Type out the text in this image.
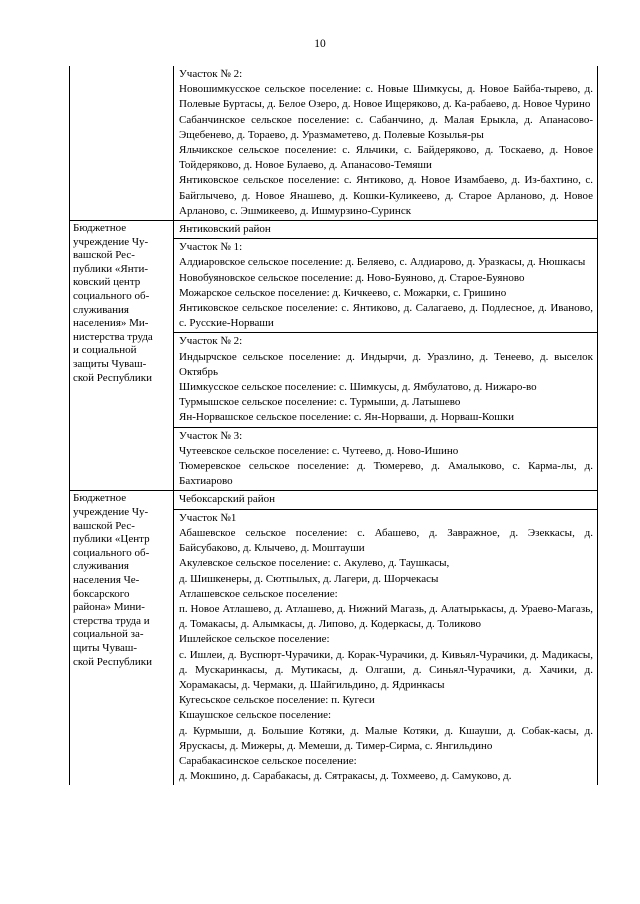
10

Участок № 2:

Новошимкусское сельское поселение: с. Новые Шимкусы, д. Новое Байба-тырево, д. Полевые Буртасы, д. Белое Озеро, д. Новое Ищеряково, д. Ка-рабаево, д. Новое Чурино

Сабанчинское сельское поселение: с. Сабанчино, д. Малая Ерыкла, д. Апанасово-Эщебенево, д. Тораево, д. Уразмаметево, д. Полевые Козылья-ры

Яльчикское сельское поселение: с. Яльчики, с. Байдеряково, д. Тоскаево, д. Новое Тойдеряково, д. Новое Булаево, д. Апанасово-Темяши

Янтиковское сельское поселение: с. Янтиково, д. Новое Изамбаево, д. Из-бахтино, с. Байглычево, д. Новое Янашево, д. Кошки-Куликеево, д. Старое Арланово, д. Новое Арланово, с. Эшмикеево, д. Ишмурзино-Суринск

Бюджетное
учреждение Чу-
вашской Рес-
публики «Янти-
ковский центр
социального об-
служивания
населения» Ми-
нистерства труда
и социальной
защиты Чуваш-
ской Республики
Янтиковский район

Участок № 1:

Алдиаровское сельское поселение: д. Беляево, с. Алдиарово, д. Уразкасы, д. Нюшкасы

Новобуяновское сельское поселение: д. Ново-Буяново, д. Старое-Буяново

Можарское сельское поселение: д. Кичкеево, с. Можарки, с. Гришино

Янтиковское сельское поселение: с. Янтиково, д. Салагаево, д. Подлесное, д. Иваново, с. Русские-Норваши

Участок № 2:

Индырчское сельское поселение: д. Индырчи, д. Уразлино, д. Тенеево, д. выселок Октябрь

Шимкусское сельское поселение: с. Шимкусы, д. Ямбулатово, д. Нижаро-во

Турмышское сельское поселение: с. Турмыши, д. Латышево

Ян-Норвашское сельское поселение: с. Ян-Норваши, д. Норваш-Кошки

Участок № 3:

Чутеевское сельское поселение: с. Чутеево, д. Ново-Ишино

Тюмеревское сельское поселение: д. Тюмерево, д. Амалыково, с. Карма-лы, д. Бахтиарово

Бюджетное
учреждение Чу-
вашской Рес-
публики «Центр
социального об-
служивания
населения Че-
боксарского
района» Мини-
стерства труда и
социальной за-
щиты Чуваш-
ской Республики
Чебоксарский район

Участок №1

Абашевское сельское поселение: с. Абашево, д. Завражное, д. Эзеккасы, д. Байсубаково, д. Клычево, д. Моштауши

Акулевское сельское поселение: с. Акулево, д. Таушкасы,

д. Шишкенеры, д. Сютпылых, д. Лагери, д. Шорчекасы

Атлашевское сельское поселение:

п. Новое Атлашево, д. Атлашево, д. Нижний Магазь, д. Алатырькасы, д. Ураево-Магазь, д. Томакасы, д. Алымкасы, д. Липово, д. Кодеркасы, д. Толиково

Ишлейское сельское поселение:

с. Ишлеи, д. Вуспюрт-Чурачики, д. Корак-Чурачики, д. Кивьял-Чурачики, д. Мадикасы, д. Мускаринкасы, д. Мутикасы, д. Олгаши, д. Синьял-Чурачики, д. Хачики, д. Хорамакасы, д. Чермаки, д. Шайгильдино, д. Ядринкасы

Кугесьское сельское поселение: п. Кугеси

Кшаушское сельское поселение:

д. Курмыши, д. Большие Котяки, д. Малые Котяки, д. Кшауши, д. Собак-касы, д. Ярускасы, д. Мижеры, д. Мемеши, д. Тимер-Сирма, с. Янгильдино

Сарабакасинское сельское поселение:

д. Мокшино, д. Сарабакасы, д. Сятракасы, д. Тохмеево, д. Самуково, д.
